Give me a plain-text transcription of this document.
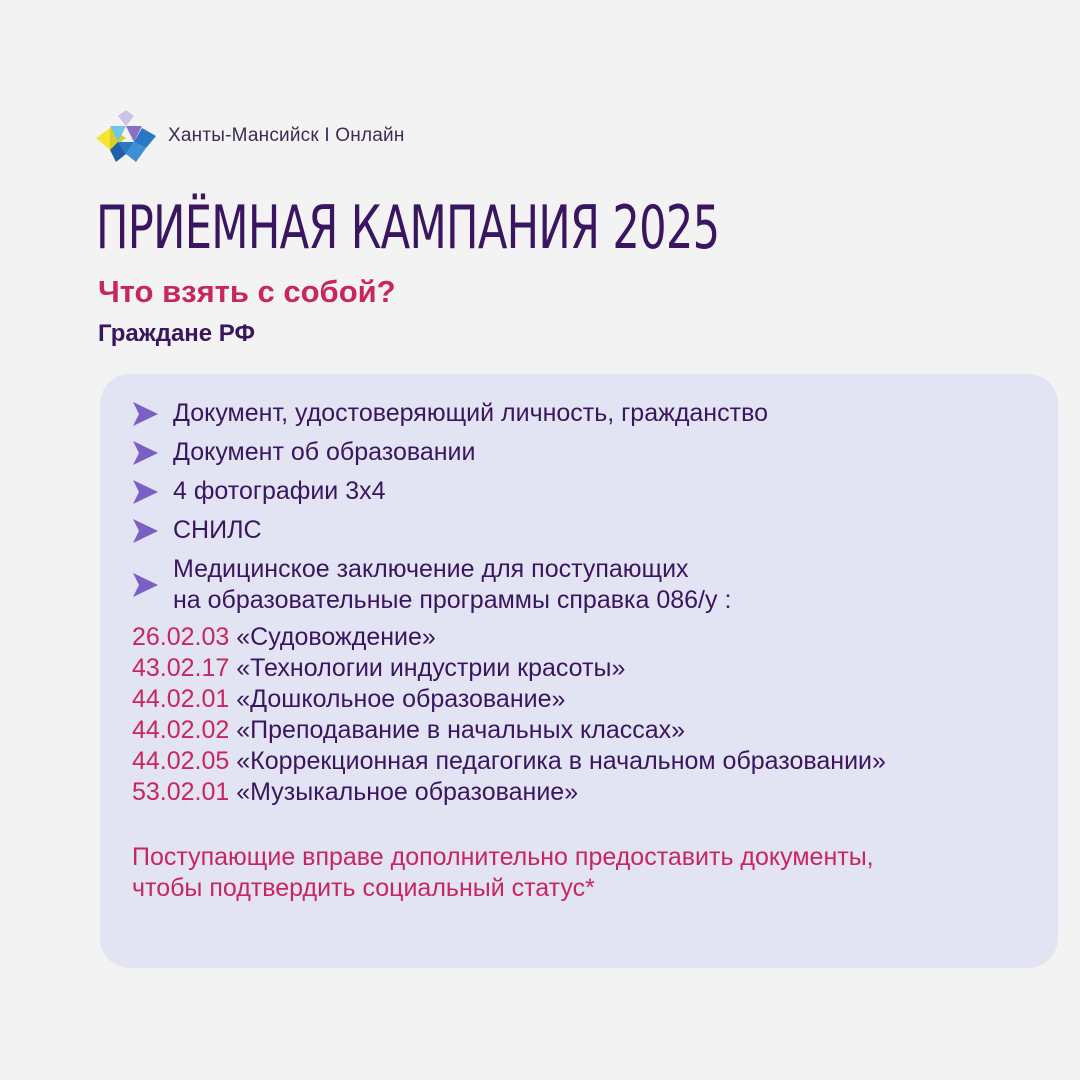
Ханты-Мансийск I Онлайн
ПРИЁМНАЯ КАМПАНИЯ 2025
Что взять с собой?
Граждане РФ
Документ, удостоверяющий личность, гражданство
Документ об образовании
4 фотографии 3х4
СНИЛС
Медицинское заключение для поступающих
на образовательные программы справка 086/у :
26.02.03 «Судовождение»
43.02.17 «Технологии индустрии красоты»
44.02.01 «Дошкольное образование»
44.02.02 «Преподавание в начальных классах»
44.02.05 «Коррекционная педагогика в начальном образовании»
53.02.01 «Музыкальное образование»

Поступающие вправе дополнительно предоставить документы,
чтобы подтвердить социальный статус*
